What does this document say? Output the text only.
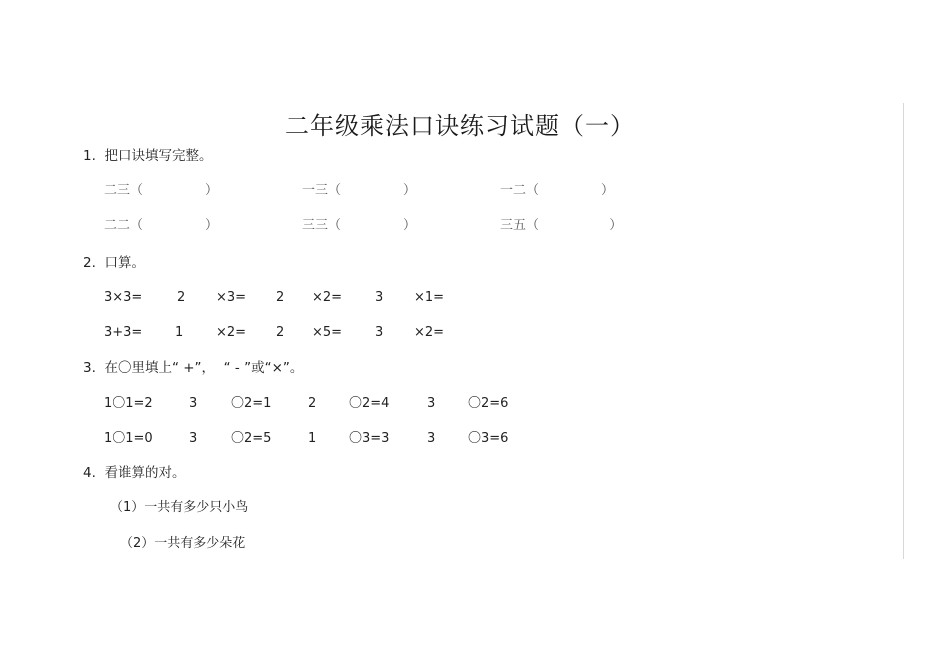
二年级乘法口诀练习试题（一）
1.  把口诀填写完整。
二三（               ）	一三（               ）	一二（               ）
二二（               ）	三三（               ）	三五（                 ）
2.  口算。
3×3=	2 ×3= 2 ×2=	3 ×1=
3+3=	1	×2= 2 ×5=	3 ×2=
3.  在〇里填上“ +”，  “ - ”或“×”。
1〇1=2	3	〇2=1	2	〇2=4	3	〇2=6
1〇1=0	3	〇2=5	1	〇3=3	3	〇3=6
4.  看谁算的对。
（1）一共有多少只小鸟
（2）一共有多少朵花
